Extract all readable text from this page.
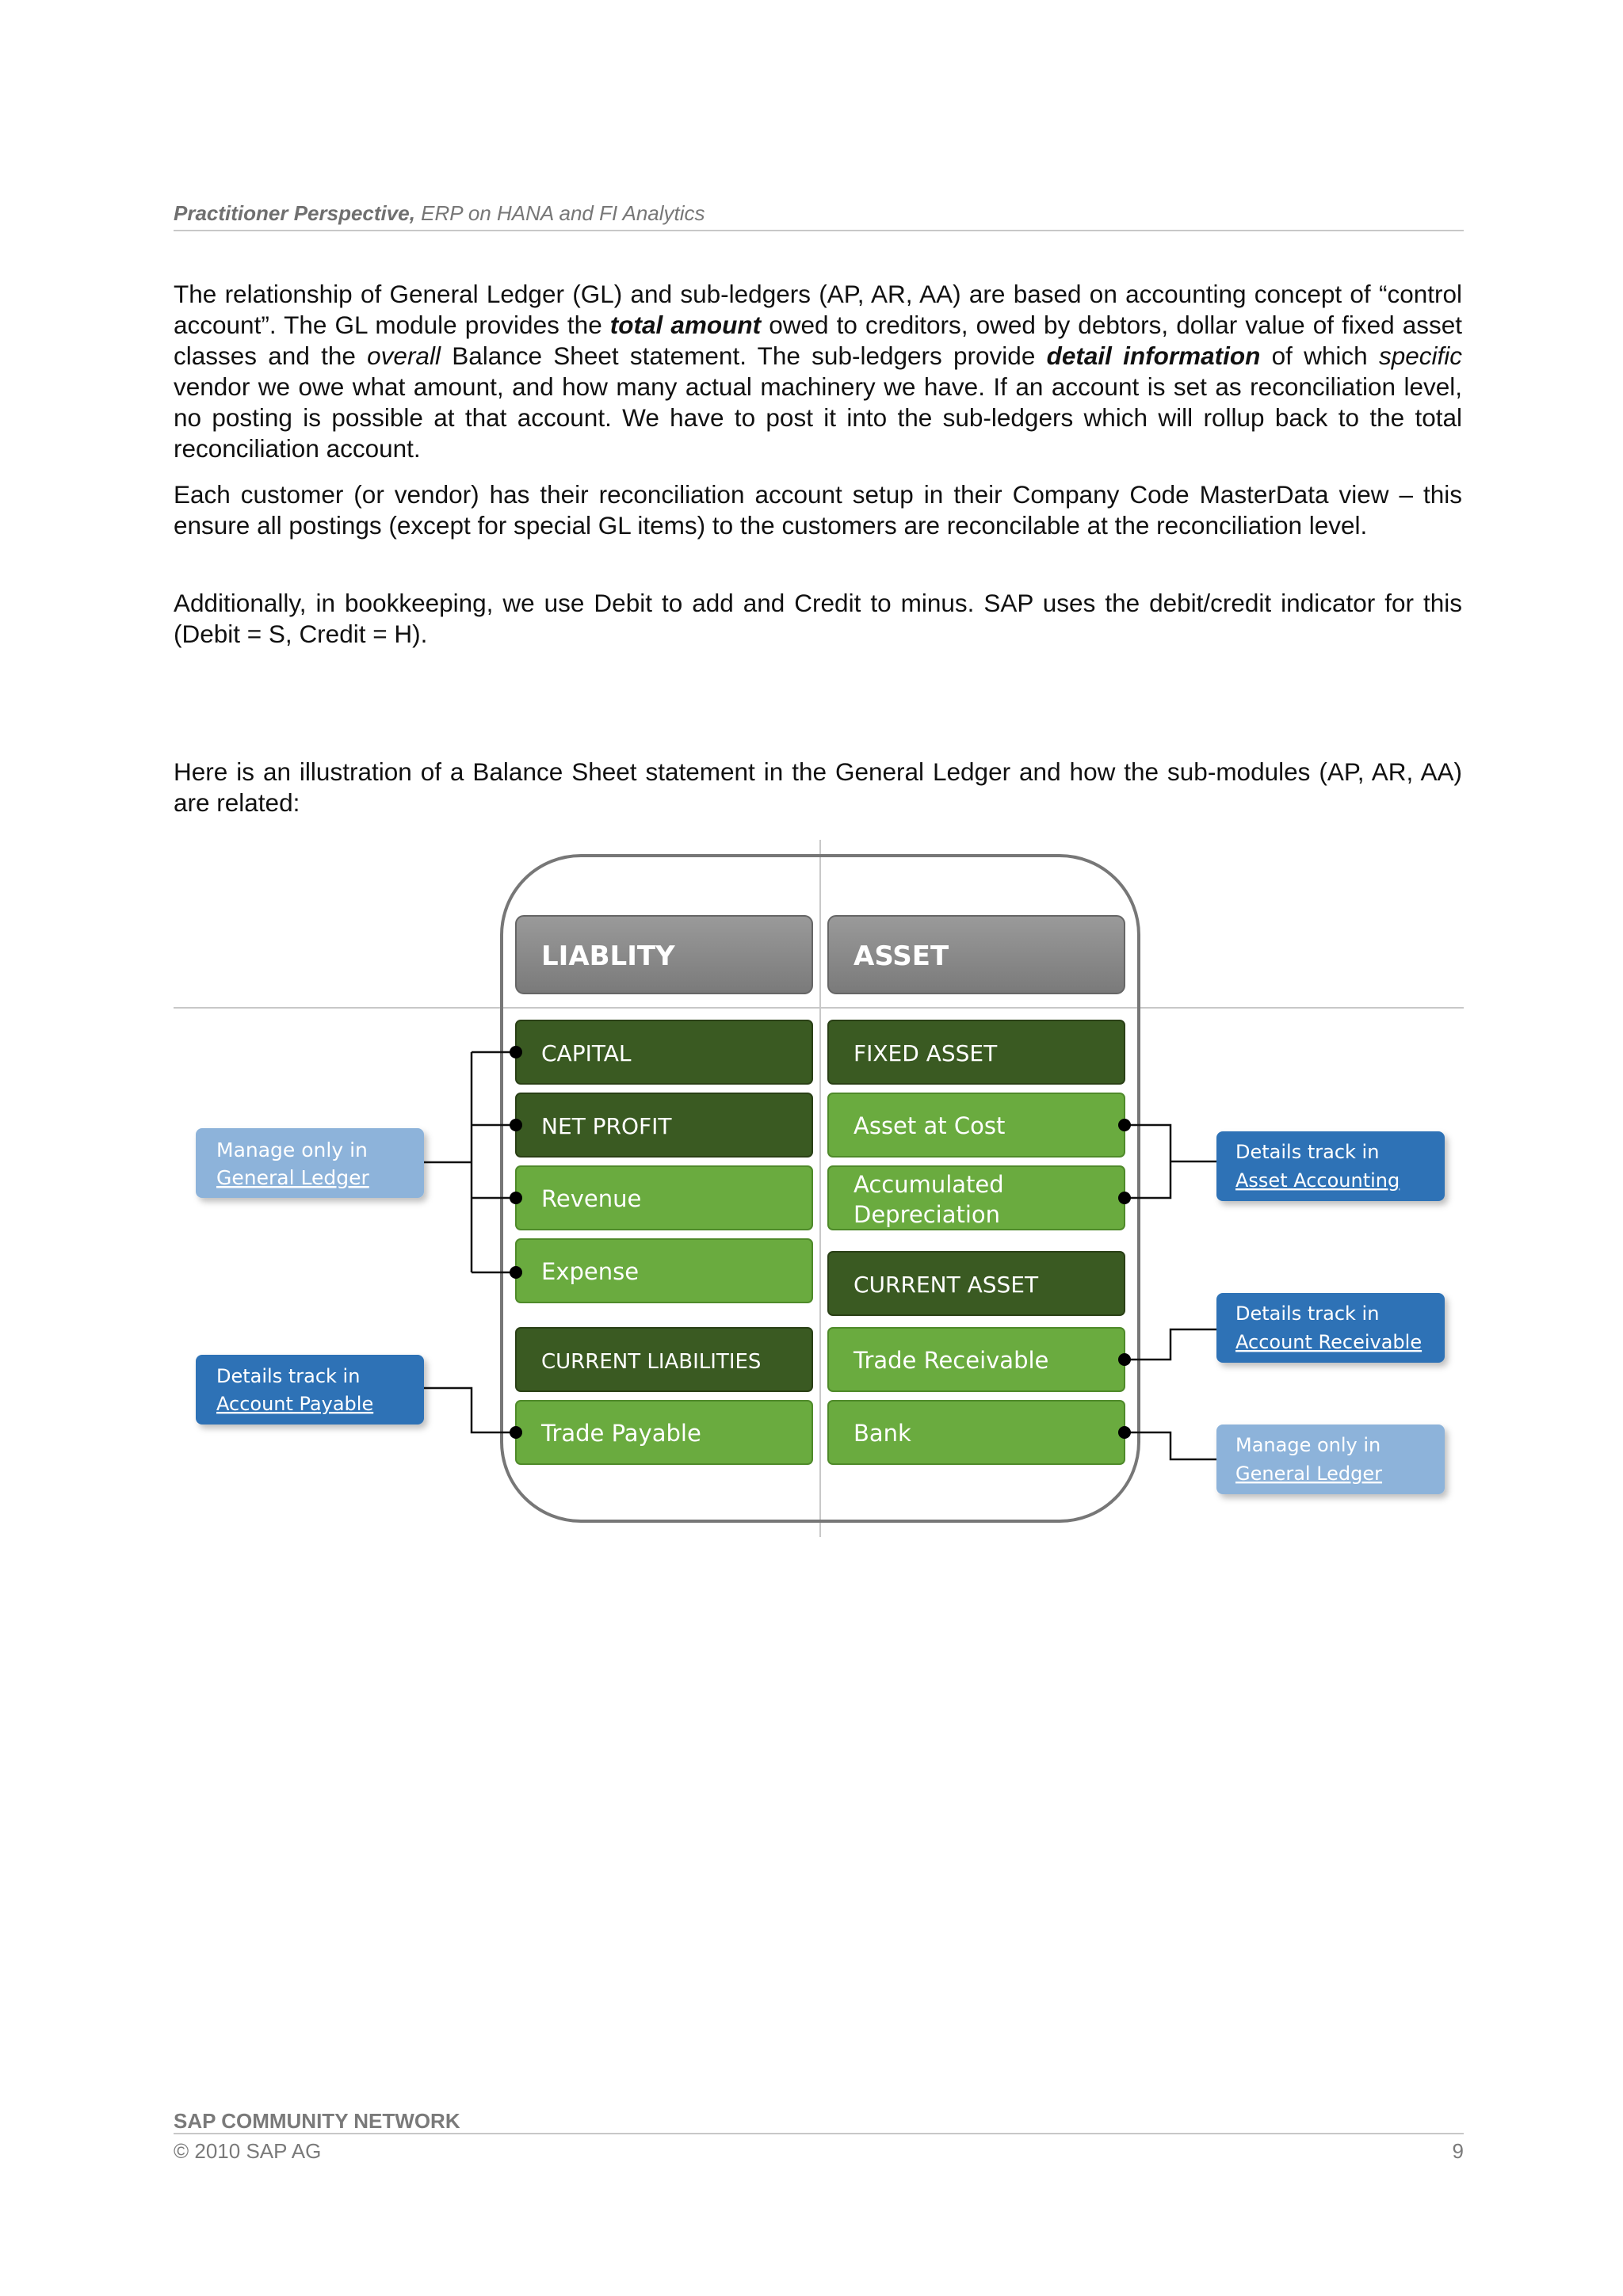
Practitioner Perspective, ERP on HANA and FI Analytics

The relationship of General Ledger (GL) and sub-ledgers (AP, AR, AA) are based on accounting concept of “control account”. The GL module provides the total amount owed to creditors, owed by debtors, dollar value of fixed asset classes and the overall Balance Sheet statement. The sub-ledgers provide detail information of which specific vendor we owe what amount, and how many actual machinery we have. If an account is set as reconciliation level, no posting is possible at that account. We have to post it into the sub-ledgers which will rollup back to the total reconciliation account.

Each customer (or vendor) has their reconciliation account setup in their Company Code MasterData view – this ensure all postings (except for special GL items) to the customers are reconcilable at the reconciliation level.

Additionally, in bookkeeping, we use Debit to add and Credit to minus. SAP uses the debit/credit indicator for this (Debit = S, Credit = H).

Here is an illustration of a Balance Sheet statement in the General Ledger and how the sub-modules (AP, AR, AA) are related:

LIABLITY	ASSET
CAPITAL
NET PROFIT
Revenue
Expense
CURRENT LIABILITIES
Trade Payable
FIXED ASSET
Asset at Cost
Accumulated
Depreciation
CURRENT ASSET
Trade Receivable
Bank
Manage only in
General Ledger
Details track in
Account Payable
Details track in
Asset Accounting
Details track in
Account Receivable
Manage only in
General Ledger
SAP COMMUNITY NETWORK
© 2010 SAP AG	9
